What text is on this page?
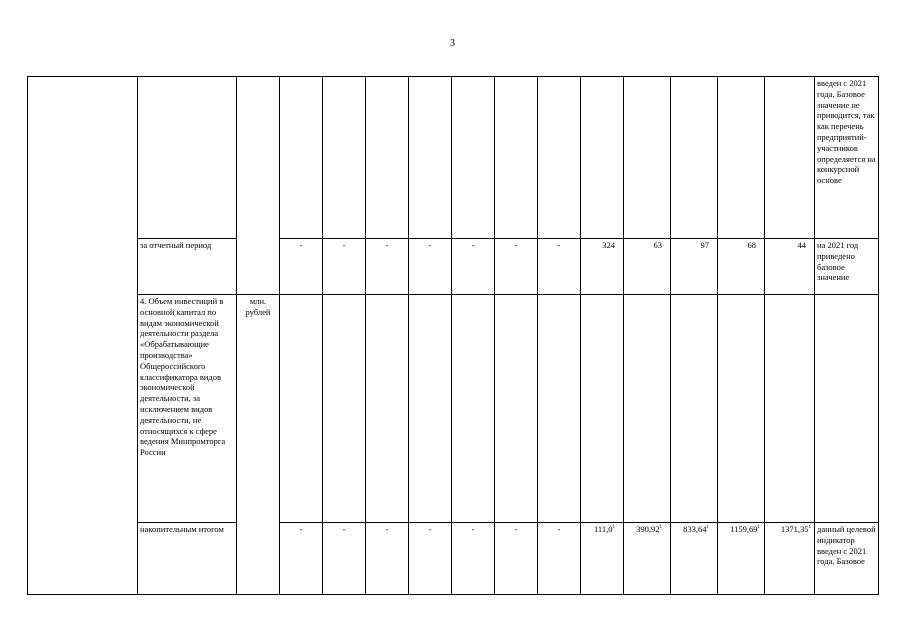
3
															введен с 2021 года. Базовое значение не приводится, так как перечень предприятий-участников определяется на конкурсной основе
	за отчетный период		-	-	-	-	-	-	-	324	63	97	68	44	на 2021 год приведено базовое значение
	4. Объем инвестиций в основной капитал по видам экономической деятельности раздела «Обрабатывающие производства» Общероссийского классификатора видов экономической деятельности, за исключением видов деятельности, не относящихся к сфере ведения Минпромторга России	млн. рублей													
	накопительным итогом		-	-	-	-	-	-	-	111,0$^1$	390,92$^1$	833,64$^1$	1159,69$^1$	1371,35$^1$	данный целевой индикатор введен с 2021 года. Базовое
